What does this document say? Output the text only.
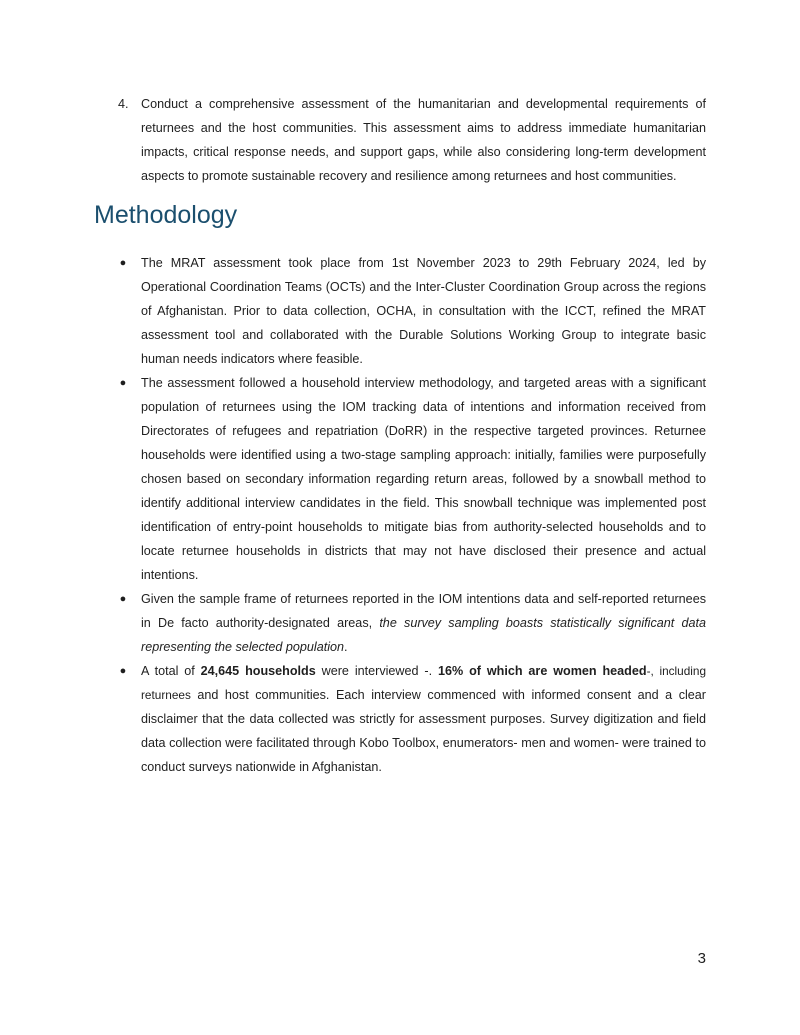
4. Conduct a comprehensive assessment of the humanitarian and developmental requirements of returnees and the host communities. This assessment aims to address immediate humanitarian impacts, critical response needs, and support gaps, while also considering long-term development aspects to promote sustainable recovery and resilience among returnees and host communities.
Methodology
● The MRAT assessment took place from 1st November 2023 to 29th February 2024, led by Operational Coordination Teams (OCTs) and the Inter-Cluster Coordination Group across the regions of Afghanistan. Prior to data collection, OCHA, in consultation with the ICCT, refined the MRAT assessment tool and collaborated with the Durable Solutions Working Group to integrate basic human needs indicators where feasible.
● The assessment followed a household interview methodology, and targeted areas with a significant population of returnees using the IOM tracking data of intentions and information received from Directorates of refugees and repatriation (DoRR) in the respective targeted provinces. Returnee households were identified using a two-stage sampling approach: initially, families were purposefully chosen based on secondary information regarding return areas, followed by a snowball method to identify additional interview candidates in the field. This snowball technique was implemented post identification of entry-point households to mitigate bias from authority-selected households and to locate returnee households in districts that may not have disclosed their presence and actual intentions.
● Given the sample frame of returnees reported in the IOM intentions data and self-reported returnees in De facto authority-designated areas, the survey sampling boasts statistically significant data representing the selected population.
● A total of 24,645 households were interviewed -. 16% of which are women headed-, including returnees and host communities. Each interview commenced with informed consent and a clear disclaimer that the data collected was strictly for assessment purposes. Survey digitization and field data collection were facilitated through Kobo Toolbox, enumerators- men and women- were trained to conduct surveys nationwide in Afghanistan.
3
